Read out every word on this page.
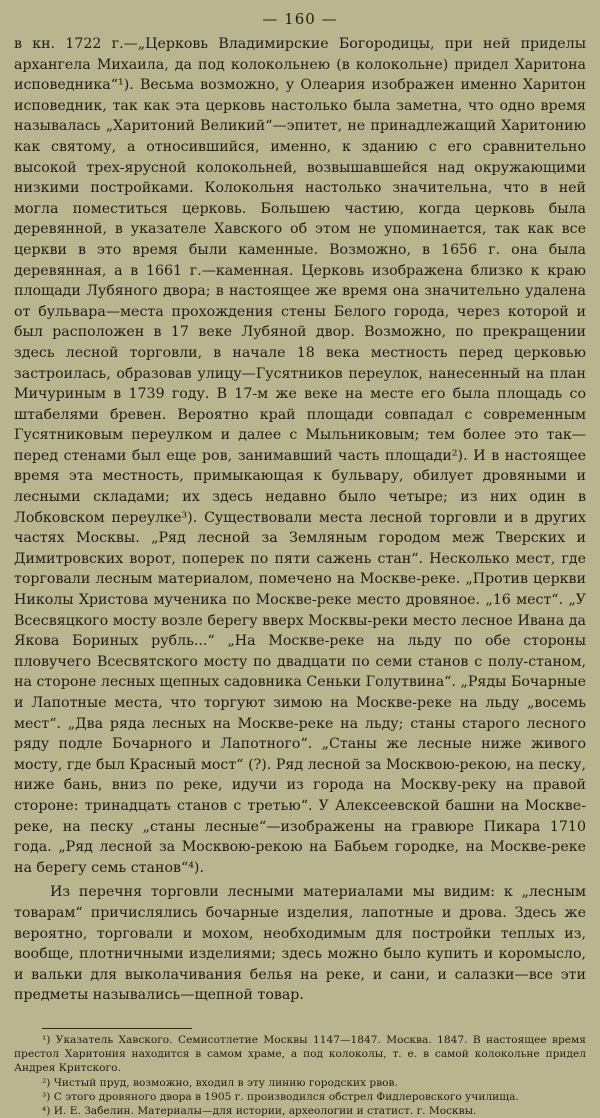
— 160 —

в кн. 1722 г.—„Церковь Владимирские Богородицы, при ней приделы архангела Михаила, да под колокольнею (в колокольне) придел Харитона исповедника“¹). Весьма возможно, у Олеария изображен именно Харитон исповедник, так как эта церковь настолько была заметна, что одно время называлась „Харитоний Великий“—эпитет, не принадлежащий Харитонию как святому, а относившийся, именно, к зданию с его сравнительно высокой трех-ярусной колокольней, возвышавшейся над окружающими низкими постройками. Колокольня настолько значительна, что в ней могла поместиться церковь. Большею частию, когда церковь была деревянной, в указателе Хавского об этом не упоминается, так как все церкви в это время были каменные. Возможно, в 1656 г. она была деревянная, а в 1661 г.—каменная. Церковь изображена близко к краю площади Лубяного двора; в настоящее же время она значительно удалена от бульвара—места прохождения стены Белого города, через которой и был расположен в 17 веке Лубяной двор. Возможно, по прекращении здесь лесной торговли, в начале 18 века местность перед церковью застроилась, образовав улицу—Гусятников переулок, нанесенный на план Мичуриным в 1739 году. В 17-м же веке на месте его была площадь со штабелями бревен. Вероятно край площади совпадал с современным Гусятниковым переулком и далее с Мыльниковым; тем более это так—перед стенами был еще ров, занимавший часть площади²). И в настоящее время эта местность, примыкающая к бульвару, обилует дровяными и лесными складами; их здесь недавно было четыре; из них один в Лобковском переулке³). Существовали места лесной торговли и в других частях Москвы. „Ряд лесной за Земляным городом меж Тверских и Димитровских ворот, поперек по пяти сажень стан“. Несколько мест, где торговали лесным материалом, помечено на Москве-реке. „Против церкви Николы Христова мученика по Москве-реке место дровяное. „16 мест“. „У Всесвяцкого мосту возле берегу вверх Москвы-реки место лесное Ивана да Якова Бориных рубль...“ „На Москве-реке на льду по обе стороны пловучего Всесвятского мосту по двадцати по семи станов с полу-станом, на стороне лесных щепных садовника Сеньки Голутвина“. „Ряды Бочарные и Лапотные места, что торгуют зимою на Москве-реке на льду „восемь мест“. „Два ряда лесных на Москве-реке на льду; станы старого лесного ряду подле Бочарного и Лапотного“. „Станы же лесные ниже живого мосту, где был Красный мост“ (?). Ряд лесной за Москвою-рекою, на песку, ниже бань, вниз по реке, идучи из города на Москву-реку на правой стороне: тринадцать станов с третью“. У Алексеевской башни на Москве-реке, на песку „станы лесные“—изображены на гравюре Пикара 1710 года. „Ряд лесной за Москвою-рекою на Бабьем городке, на Москве-реке на берегу семь станов“⁴).

Из перечня торговли лесными материалами мы видим: к „лесным товарам“ причислялись бочарные изделия, лапотные и дрова. Здесь же вероятно, торговали и мохом, необходимым для постройки теплых из, вообще, плотничными изделиями; здесь можно было купить и коромысло, и вальки для выколачивания белья на реке, и сани, и салазки—все эти предметы назывались—щепной товар.

¹) Указатель Хавского. Семисотлетие Москвы 1147—1847. Москва. 1847. В настоящее время престол Харитония находится в самом храме, а под колоколы, т. е. в самой колокольне придел Андрея Критского.

²) Чистый пруд, возможно, входил в эту линию городских рвов.

³) С этого дровяного двора в 1905 г. производился обстрел Фидлеровского училища.

⁴) И. Е. Забелин. Материалы—для истории, археологии и статист. г. Москвы.
